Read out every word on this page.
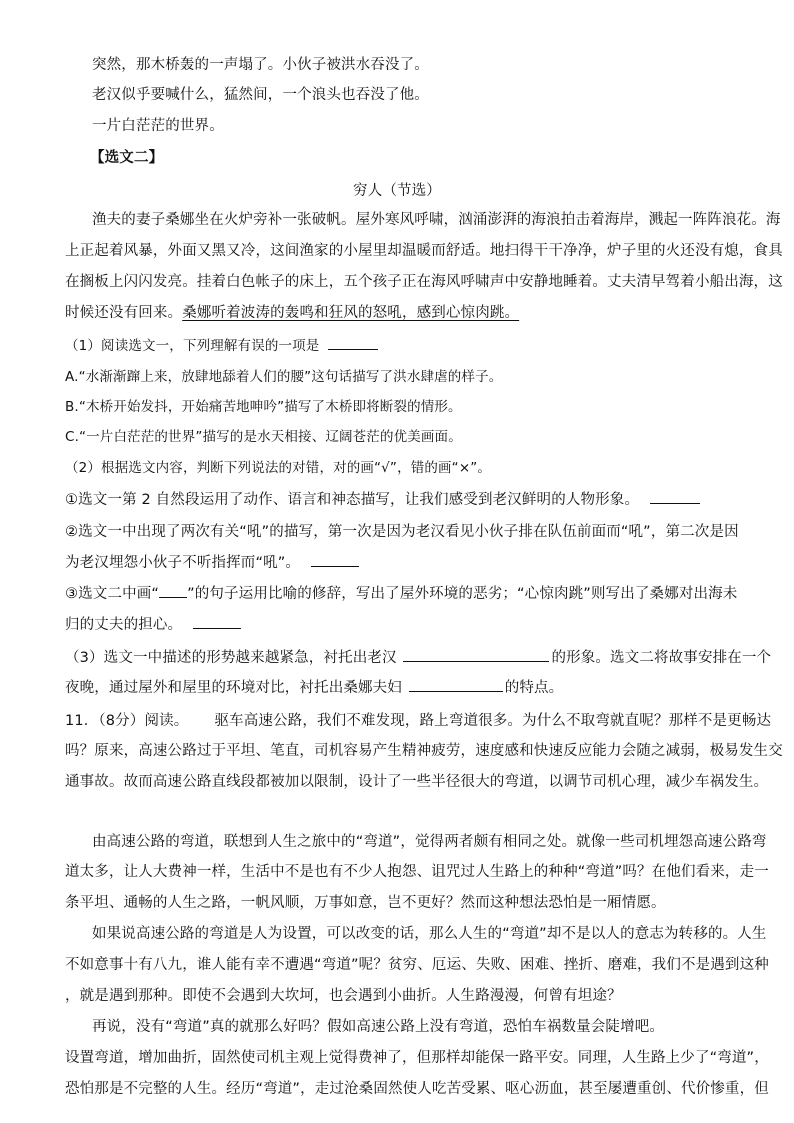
突然，那木桥轰的一声塌了。小伙子被洪水吞没了。
老汉似乎要喊什么，猛然间，一个浪头也吞没了他。
一片白茫茫的世界。
【选文二】
穷人（节选）
渔夫的妻子桑娜坐在火炉旁补一张破帆。屋外寒风呼啸，汹涌澎湃的海浪拍击着海岸，溅起一阵阵浪花。海
上正起着风暴，外面又黑又冷，这间渔家的小屋里却温暖而舒适。地扫得干干净净，炉子里的火还没有熄，食具
在搁板上闪闪发亮。挂着白色帐子的床上，五个孩子正在海风呼啸声中安静地睡着。丈夫清早驾着小船出海，这
时候还没有回来。桑娜听着波涛的轰鸣和狂风的怒吼，感到心惊肉跳。
（1）阅读选文一，下列理解有误的一项是
A.“水渐渐蹿上来，放肆地舔着人们的腰”这句话描写了洪水肆虐的样子。
B.“木桥开始发抖，开始痛苦地呻吟”描写了木桥即将断裂的情形。
C.“一片白茫茫的世界”描写的是水天相接、辽阔苍茫的优美画面。
（2）根据选文内容，判断下列说法的对错，对的画“√”，错的画“×”。
①选文一第 2 自然段运用了动作、语言和神态描写，让我们感受到老汉鲜明的人物形象。
②选文一中出现了两次有关“吼”的描写，第一次是因为老汉看见小伙子排在队伍前面而“吼”，第二次是因
为老汉埋怨小伙子不听指挥而“吼”。
③选文二中画“ ”的句子运用比喻的修辞，写出了屋外环境的恶劣；“心惊肉跳”则写出了桑娜对出海未
归的丈夫的担心。
（3）选文一中描述的形势越来越紧急，衬托出老汉	的形象。选文二将故事安排在一个
夜晚，通过屋外和屋里的环境对比，衬托出桑娜夫妇	的特点。
11．（8分）阅读。 驱车高速公路，我们不难发现，路上弯道很多。为什么不取弯就直呢？那样不是更畅达
吗？原来，高速公路过于平坦、笔直，司机容易产生精神疲劳，速度感和快速反应能力会随之减弱，极易发生交
通事故。故而高速公路直线段都被加以限制，设计了一些半径很大的弯道，以调节司机心理，减少车祸发生。
由高速公路的弯道，联想到人生之旅中的“弯道”，觉得两者颇有相同之处。就像一些司机埋怨高速公路弯
道太多，让人大费神一样，生活中不是也有不少人抱怨、诅咒过人生路上的种种“弯道”吗？在他们看来，走一
条平坦、通畅的人生之路，一帆风顺，万事如意，岂不更好？然而这种想法恐怕是一厢情愿。
如果说高速公路的弯道是人为设置，可以改变的话，那么人生的“弯道”却不是以人的意志为转移的。人生
不如意事十有八九，谁人能有幸不遭遇“弯道”呢？贫穷、厄运、失败、困难、挫折、磨难，我们不是遇到这种
，就是遇到那种。即使不会遇到大坎坷，也会遇到小曲折。人生路漫漫，何曾有坦途？
再说，没有“弯道”真的就那么好吗？假如高速公路上没有弯道，恐怕车祸数量会陡增吧。
设置弯道，增加曲折，固然使司机主观上觉得费神了，但那样却能保一路平安。同理，人生路上少了“弯道”，
恐怕那是不完整的人生。经历“弯道”，走过沧桑固然使人吃苦受累、呕心沥血，甚至屡遭重创、代价惨重，但
